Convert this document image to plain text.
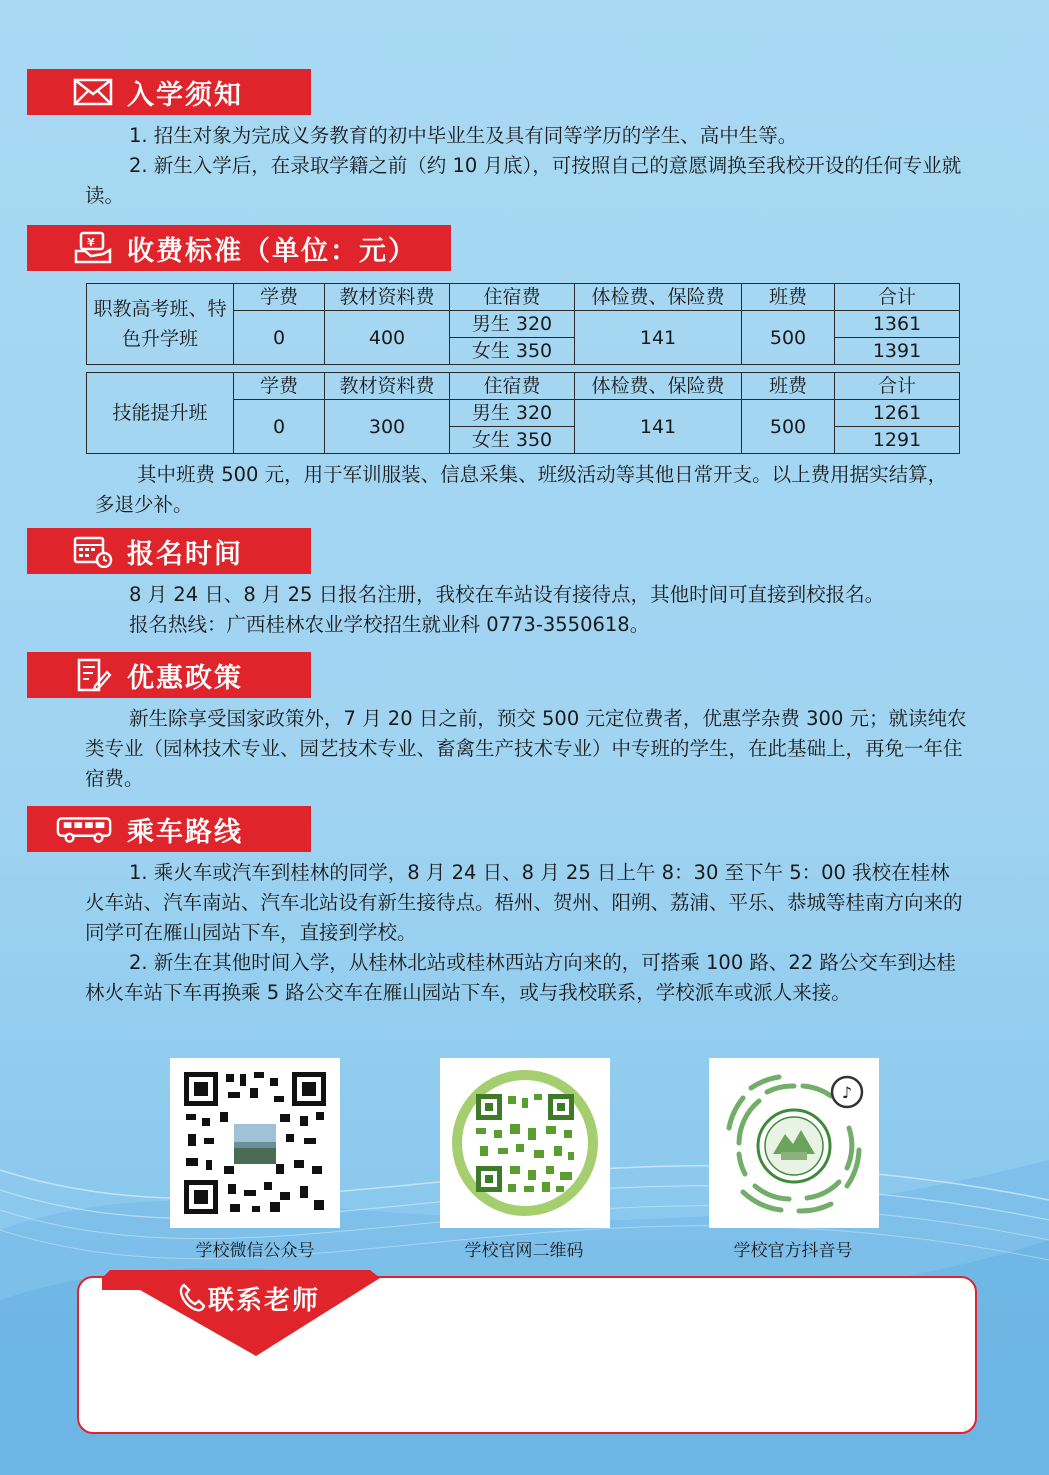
入学须知

1. 招生对象为完成义务教育的初中毕业生及具有同等学历的学生、高中生等。

2. 新生入学后，在录取学籍之前（约 10 月底），可按照自己的意愿调换至我校开设的任何专业就读。

¥ 收费标准（单位：元）
职教高考班、特色升学班	学费	教材资料费	住宿费	体检费、保险费	班费	合计
	0	400	男生 320	141	500	1361
			女生 350			1391
技能提升班	学费	教材资料费	住宿费	体检费、保险费	班费	合计
	0	300	男生 320	141	500	1261
			女生 350			1291

其中班费 500 元，用于军训服装、信息采集、班级活动等其他日常开支。以上费用据实结算，多退少补。

报名时间

8 月 24 日、8 月 25 日报名注册，我校在车站设有接待点，其他时间可直接到校报名。

报名热线：广西桂林农业学校招生就业科 0773-3550618。

优惠政策

新生除享受国家政策外，7 月 20 日之前，预交 500 元定位费者，优惠学杂费 300 元；就读纯农类专业（园林技术专业、园艺技术专业、畜禽生产技术专业）中专班的学生，在此基础上，再免一年住宿费。

乘车路线

1. 乘火车或汽车到桂林的同学，8 月 24 日、8 月 25 日上午 8：30 至下午 5：00 我校在桂林火车站、汽车南站、汽车北站设有新生接待点。梧州、贺州、阳朔、荔浦、平乐、恭城等桂南方向来的同学可在雁山园站下车，直接到学校。

2. 新生在其他时间入学，从桂林北站或桂林西站方向来的，可搭乘 100 路、22 路公交车到达桂林火车站下车再换乘 5 路公交车在雁山园站下车，或与我校联系，学校派车或派人来接。

学校微信公众号	学校官网二维码
♪
学校官方抖音号
联系老师
